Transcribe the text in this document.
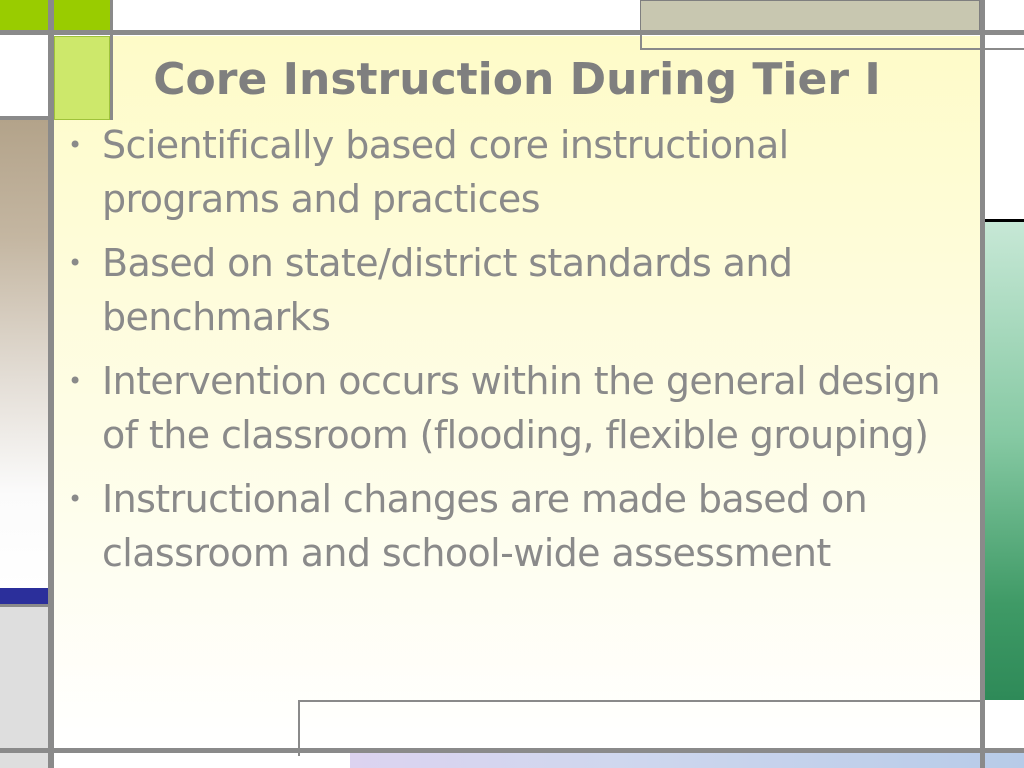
Core Instruction During Tier I
• Scientifically based core instructional programs and practices
• Based on state/district standards and benchmarks
• Intervention occurs within the general design of the classroom (flooding, flexible grouping)
• Instructional changes are made based on classroom and school-wide assessment
